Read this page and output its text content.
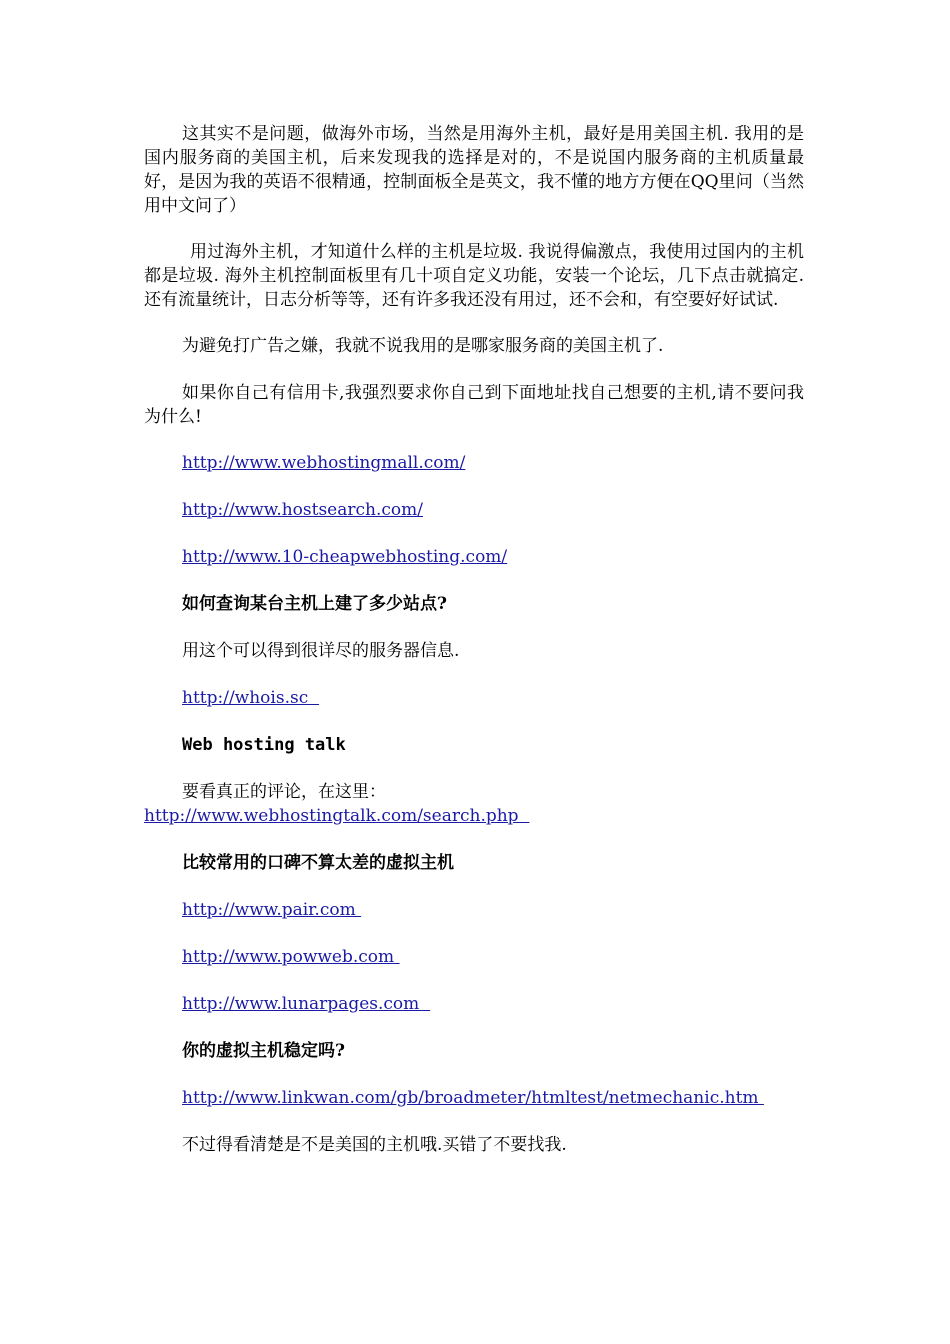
这其实不是问题，做海外市场，当然是用海外主机，最好是用美国主机. 我用的是国内服务商的美国主机，后来发现我的选择是对的，不是说国内服务商的主机质量最好，是因为我的英语不很精通，控制面板全是英文，我不懂的地方方便在QQ里问（当然用中文问了）

用过海外主机，才知道什么样的主机是垃圾. 我说得偏激点，我使用过国内的主机都是垃圾. 海外主机控制面板里有几十项自定义功能，安装一个论坛，几下点击就搞定. 还有流量统计，日志分析等等，还有许多我还没有用过，还不会和，有空要好好试试.

为避免打广告之嫌，我就不说我用的是哪家服务商的美国主机了.

如果你自己有信用卡,我强烈要求你自己到下面地址找自己想要的主机,请不要问我为什么!

http://www.webhostingmall.com/
http://www.hostsearch.com/
http://www.10-cheapwebhosting.com/
如何查询某台主机上建了多少站点?
用这个可以得到很详尽的服务器信息.
http://whois.sc
Web hosting talk
要看真正的评论，在这里：
http://www.webhostingtalk.com/search.php
比较常用的口碑不算太差的虚拟主机
http://www.pair.com
http://www.powweb.com
http://www.lunarpages.com
你的虚拟主机稳定吗?
http://www.linkwan.com/gb/broadmeter/htmltest/netmechanic.htm
不过得看清楚是不是美国的主机哦.买错了不要找我.
